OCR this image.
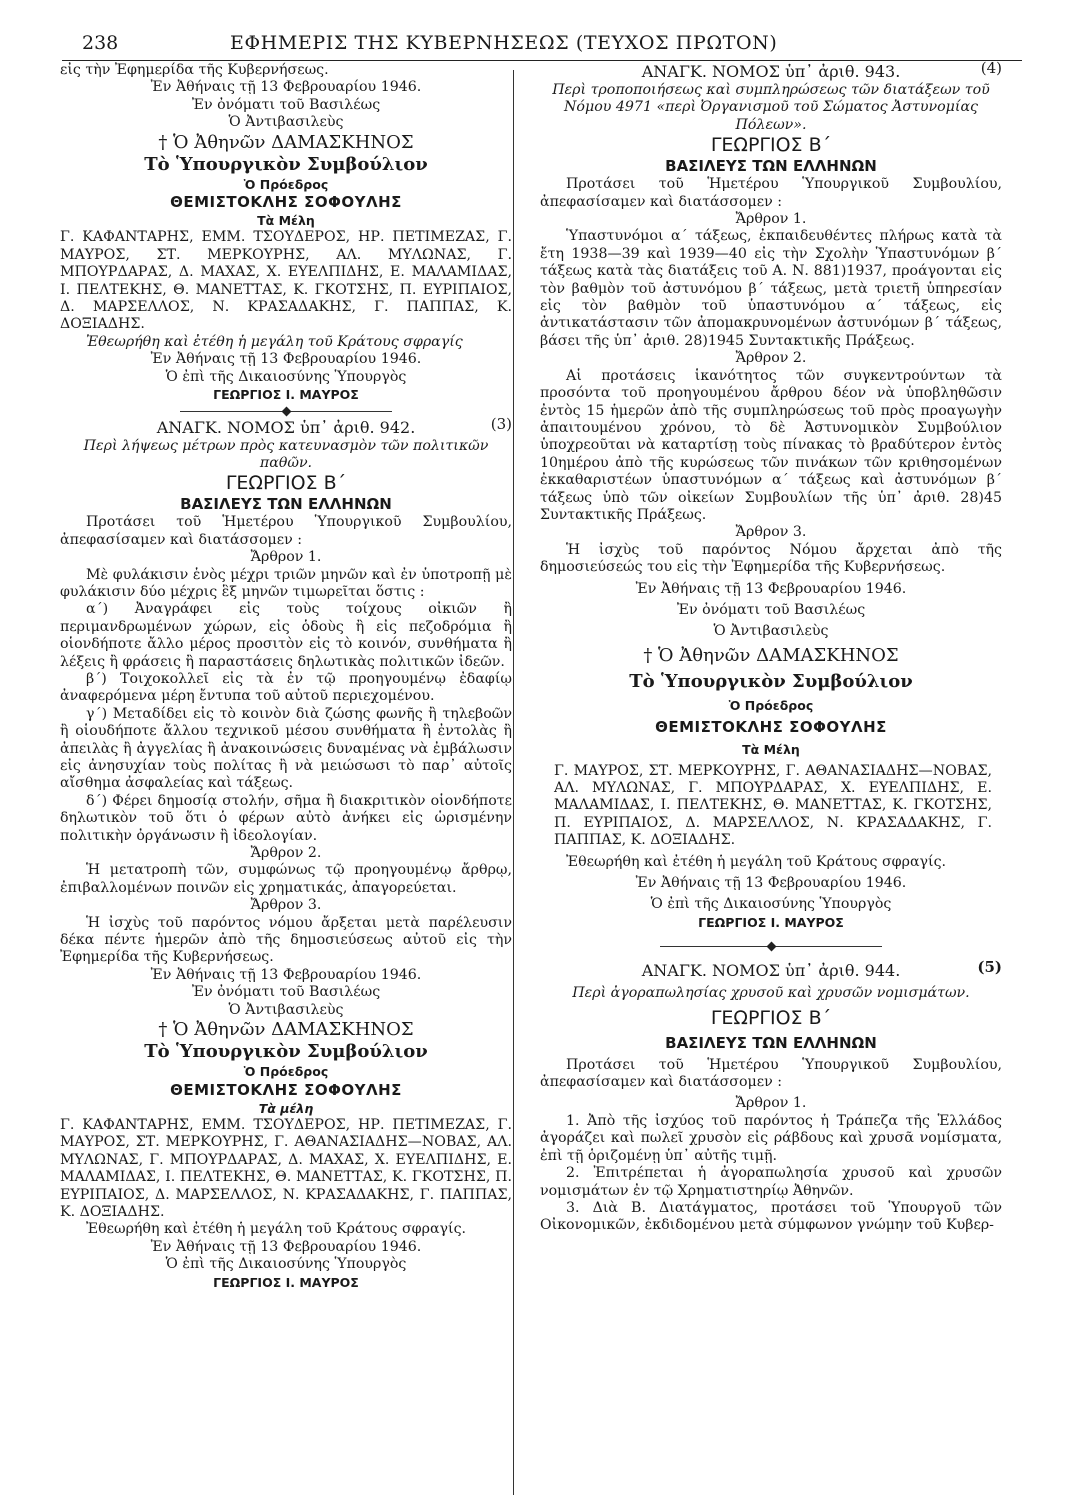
238	ΕΦΗΜΕΡΙΣ ΤΗΣ ΚΥΒΕΡΝΗΣΕΩΣ (ΤΕΥΧΟΣ ΠΡΩΤΟΝ)

εἰς τὴν Ἐφημερίδα τῆς Κυβερνήσεως.

Ἐν Ἀθήναις τῇ 13 Φεβρουαρίου 1946.

Ἐν ὀνόματι τοῦ Βασιλέως

Ὁ Ἀντιβασιλεὺς

† Ὁ Ἀθηνῶν ΔΑΜΑΣΚΗΝΟΣ

Τὸ Ὑπουργικὸν Συμβούλιον

Ὁ Πρόεδρος

ΘΕΜΙΣΤΟΚΛΗΣ ΣΟΦΟΥΛΗΣ

Τὰ Μέλη

Γ. ΚΑΦΑΝΤΑΡΗΣ, ΕΜΜ. ΤΣΟΥΔΕΡΟΣ, ΗΡ. ΠΕΤΙΜΕΖΑΣ, Γ. ΜΑΥΡΟΣ, ΣΤ. ΜΕΡΚΟΥΡΗΣ, ΑΛ. ΜΥΛΩΝΑΣ, Γ. ΜΠΟΥΡΔΑΡΑΣ, Δ. ΜΑΧΑΣ, Χ. ΕΥΕΛΠΙΔΗΣ, Ε. ΜΑΛΑΜΙΔΑΣ, Ι. ΠΕΛΤΕΚΗΣ, Θ. ΜΑΝΕΤΤΑΣ, Κ. ΓΚΟΤΣΗΣ, Π. ΕΥΡΙΠΑΙΟΣ, Δ. ΜΑΡΣΕΛΛΟΣ, Ν. ΚΡΑΣΑΔΑΚΗΣ, Γ. ΠΑΠΠΑΣ, Κ. ΔΟΞΙΑΔΗΣ.

Ἐθεωρήθη καὶ ἐτέθη ἡ μεγάλη τοῦ Κράτους σφραγίς

Ἐν Ἀθήναις τῇ 13 Φεβρουαρίου 1946.

Ὁ ἐπὶ τῆς Δικαιοσύνης Ὑπουργὸς

ΓΕΩΡΓΙΟΣ Ι. ΜΑΥΡΟΣ

ΑΝΑΓΚ. ΝΟΜΟΣ ὑπ᾽ ἀριθ. 942.	(3)

Περὶ λήψεως μέτρων πρὸς κατευνασμὸν τῶν πολιτικῶν παθῶν.

ΓΕΩΡΓΙΟΣ Β΄

ΒΑΣΙΛΕΥΣ ΤΩΝ ΕΛΛΗΝΩΝ

Προτάσει τοῦ Ἡμετέρου Ὑπουργικοῦ Συμβουλίου, ἀπεφασίσαμεν καὶ διατάσσομεν :

Ἄρθρον 1.

Μὲ φυλάκισιν ἑνὸς μέχρι τριῶν μηνῶν καὶ ἐν ὑποτροπῇ μὲ φυλάκισιν δύο μέχρις ἓξ μηνῶν τιμωρεῖται ὅστις :

α΄) Ἀναγράφει εἰς τοὺς τοίχους οἰκιῶν ἢ περιμανδρωμένων χώρων, εἰς ὁδοὺς ἢ εἰς πεζοδρόμια ἢ οἱονδήποτε ἄλλο μέρος προσιτὸν εἰς τὸ κοινόν, συνθήματα ἢ λέξεις ἢ φράσεις ἢ παραστάσεις δηλωτικὰς πολιτικῶν ἰδεῶν.

β΄) Τοιχοκολλεῖ εἰς τὰ ἐν τῷ προηγουμένῳ ἐδαφίῳ ἀναφερόμενα μέρη ἔντυπα τοῦ αὐτοῦ περιεχομένου.

γ΄) Μεταδίδει εἰς τὸ κοινὸν διὰ ζώσης φωνῆς ἢ τηλεβοῶν ἢ οἱουδήποτε ἄλλου τεχνικοῦ μέσου συνθήματα ἢ ἐντολὰς ἢ ἀπειλὰς ἢ ἀγγελίας ἢ ἀνακοινώσεις δυναμένας νὰ ἐμβάλωσιν εἰς ἀνησυχίαν τοὺς πολίτας ἢ νὰ μειώσωσι τὸ παρ᾽ αὐτοῖς αἴσθημα ἀσφαλείας καὶ τάξεως.

δ΄) Φέρει δημοσίᾳ στολήν, σῆμα ἢ διακριτικὸν οἱονδήποτε δηλωτικὸν τοῦ ὅτι ὁ φέρων αὐτὸ ἀνήκει εἰς ὡρισμένην πολιτικὴν ὀργάνωσιν ἢ ἰδεολογίαν.

Ἄρθρον 2.

Ἡ μετατροπὴ τῶν, συμφώνως τῷ προηγουμένῳ ἄρθρῳ, ἐπιβαλλομένων ποινῶν εἰς χρηματικάς, ἀπαγορεύεται.

Ἄρθρον 3.

Ἡ ἰσχὺς τοῦ παρόντος νόμου ἄρξεται μετὰ παρέλευσιν δέκα πέντε ἡμερῶν ἀπὸ τῆς δημοσιεύσεως αὐτοῦ εἰς τὴν Ἐφημερίδα τῆς Κυβερνήσεως.

Ἐν Ἀθήναις τῇ 13 Φεβρουαρίου 1946.

Ἐν ὀνόματι τοῦ Βασιλέως

Ὁ Ἀντιβασιλεὺς

† Ὁ Ἀθηνῶν ΔΑΜΑΣΚΗΝΟΣ

Τὸ Ὑπουργικὸν Συμβούλιον

Ὁ Πρόεδρος

ΘΕΜΙΣΤΟΚΛΗΣ ΣΟΦΟΥΛΗΣ

Τὰ μέλη

Γ. ΚΑΦΑΝΤΑΡΗΣ, ΕΜΜ. ΤΣΟΥΔΕΡΟΣ, ΗΡ. ΠΕΤΙΜΕΖΑΣ, Γ. ΜΑΥΡΟΣ, ΣΤ. ΜΕΡΚΟΥΡΗΣ, Γ. ΑΘΑΝΑΣΙΑΔΗΣ—ΝΟΒΑΣ, ΑΛ. ΜΥΛΩΝΑΣ, Γ. ΜΠΟΥΡΔΑΡΑΣ, Δ. ΜΑΧΑΣ, Χ. ΕΥΕΛΠΙΔΗΣ, Ε. ΜΑΛΑΜΙΔΑΣ, Ι. ΠΕΛΤΕΚΗΣ, Θ. ΜΑΝΕΤΤΑΣ, Κ. ΓΚΟΤΣΗΣ, Π. ΕΥΡΙΠΑΙΟΣ, Δ. ΜΑΡΣΕΛΛΟΣ, Ν. ΚΡΑΣΑΔΑΚΗΣ, Γ. ΠΑΠΠΑΣ, Κ. ΔΟΞΙΑΔΗΣ.

Ἐθεωρήθη καὶ ἐτέθη ἡ μεγάλη τοῦ Κράτους σφραγίς.

Ἐν Ἀθήναις τῇ 13 Φεβρουαρίου 1946.

Ὁ ἐπὶ τῆς Δικαιοσύνης Ὑπουργὸς

ΓΕΩΡΓΙΟΣ Ι. ΜΑΥΡΟΣ

ΑΝΑΓΚ. ΝΟΜΟΣ ὑπ᾽ ἀριθ. 943.	(4)

Περὶ τροποποιήσεως καὶ συμπληρώσεως τῶν διατάξεων τοῦ Νόμου 4971 «περὶ Ὀργανισμοῦ τοῦ Σώματος Ἀστυνομίας Πόλεων».

ΓΕΩΡΓΙΟΣ Β΄

ΒΑΣΙΛΕΥΣ ΤΩΝ ΕΛΛΗΝΩΝ

Προτάσει τοῦ Ἡμετέρου Ὑπουργικοῦ Συμβουλίου, ἀπεφασίσαμεν καὶ διατάσσομεν :

Ἄρθρον 1.

Ὑπαστυνόμοι α΄ τάξεως, ἐκπαιδευθέντες πλήρως κατὰ τὰ ἔτη 1938—39 καὶ 1939—40 εἰς τὴν Σχολὴν Ὑπαστυνόμων β΄ τάξεως κατὰ τὰς διατάξεις τοῦ Α. Ν. 881)1937, προάγονται εἰς τὸν βαθμὸν τοῦ ἀστυνόμου β΄ τάξεως, μετὰ τριετῆ ὑπηρεσίαν εἰς τὸν βαθμὸν τοῦ ὑπαστυνόμου α΄ τάξεως, εἰς ἀντικατάστασιν τῶν ἀπομακρυνομένων ἀστυνόμων β΄ τάξεως, βάσει τῆς ὑπ᾽ ἀριθ. 28)1945 Συντακτικῆς Πράξεως.

Ἄρθρον 2.

Αἱ προτάσεις ἱκανότητος τῶν συγκεντρούντων τὰ προσόντα τοῦ προηγουμένου ἄρθρου δέον νὰ ὑποβληθῶσιν ἐντὸς 15 ἡμερῶν ἀπὸ τῆς συμπληρώσεως τοῦ πρὸς προαγωγὴν ἀπαιτουμένου χρόνου, τὸ δὲ Ἀστυνομικὸν Συμβούλιον ὑποχρεοῦται νὰ καταρτίσῃ τοὺς πίνακας τὸ βραδύτερον ἐντὸς 10ημέρου ἀπὸ τῆς κυρώσεως τῶν πινάκων τῶν κριθησομένων ἐκκαθαριστέων ὑπαστυνόμων α΄ τάξεως καὶ ἀστυνόμων β΄ τάξεως ὑπὸ τῶν οἰκείων Συμβουλίων τῆς ὑπ᾽ ἀριθ. 28)45 Συντακτικῆς Πράξεως.

Ἄρθρον 3.

Ἡ ἰσχὺς τοῦ παρόντος Νόμου ἄρχεται ἀπὸ τῆς δημοσιεύσεώς του εἰς τὴν Ἐφημερίδα τῆς Κυβερνήσεως.

Ἐν Ἀθήναις τῇ 13 Φεβρουαρίου 1946.

Ἐν ὀνόματι τοῦ Βασιλέως

Ὁ Ἀντιβασιλεὺς

† Ὁ Ἀθηνῶν ΔΑΜΑΣΚΗΝΟΣ

Τὸ Ὑπουργικὸν Συμβούλιον

Ὁ Πρόεδρος

ΘΕΜΙΣΤΟΚΛΗΣ ΣΟΦΟΥΛΗΣ

Τὰ Μέλη

Γ. ΜΑΥΡΟΣ, ΣΤ. ΜΕΡΚΟΥΡΗΣ, Γ. ΑΘΑΝΑΣΙΑΔΗΣ—ΝΟΒΑΣ, ΑΛ. ΜΥΛΩΝΑΣ, Γ. ΜΠΟΥΡΔΑΡΑΣ, Χ. ΕΥΕΛΠΙΔΗΣ, Ε. ΜΑΛΑΜΙΔΑΣ, Ι. ΠΕΛΤΕΚΗΣ, Θ. ΜΑΝΕΤΤΑΣ, Κ. ΓΚΟΤΣΗΣ, Π. ΕΥΡΙΠΑΙΟΣ, Δ. ΜΑΡΣΕΛΛΟΣ, Ν. ΚΡΑΣΑΔΑΚΗΣ, Γ. ΠΑΠΠΑΣ, Κ. ΔΟΞΙΑΔΗΣ.

Ἐθεωρήθη καὶ ἐτέθη ἡ μεγάλη τοῦ Κράτους σφραγίς.

Ἐν Ἀθήναις τῇ 13 Φεβρουαρίου 1946.

Ὁ ἐπὶ τῆς Δικαιοσύνης Ὑπουργὸς

ΓΕΩΡΓΙΟΣ Ι. ΜΑΥΡΟΣ

ΑΝΑΓΚ. ΝΟΜΟΣ ὑπ᾽ ἀριθ. 944.	(5)

Περὶ ἀγοραπωλησίας χρυσοῦ καὶ χρυσῶν νομισμάτων.

ΓΕΩΡΓΙΟΣ Β΄

ΒΑΣΙΛΕΥΣ ΤΩΝ ΕΛΛΗΝΩΝ

Προτάσει τοῦ Ἡμετέρου Ὑπουργικοῦ Συμβουλίου, ἀπεφασίσαμεν καὶ διατάσσομεν :

Ἄρθρον 1.

1. Ἀπὸ τῆς ἰσχύος τοῦ παρόντος ἡ Τράπεζα τῆς Ἑλλάδος ἀγοράζει καὶ πωλεῖ χρυσὸν εἰς ράβδους καὶ χρυσᾶ νομίσματα, ἐπὶ τῇ ὁριζομένῃ ὑπ᾽ αὐτῆς τιμῇ.

2. Ἐπιτρέπεται ἡ ἀγοραπωλησία χρυσοῦ καὶ χρυσῶν νομισμάτων ἐν τῷ Χρηματιστηρίῳ Ἀθηνῶν.

3. Διὰ Β. Διατάγματος, προτάσει τοῦ Ὑπουργοῦ τῶν Οἰκονομικῶν, ἐκδιδομένου μετὰ σύμφωνον γνώμην τοῦ Κυβερ-
